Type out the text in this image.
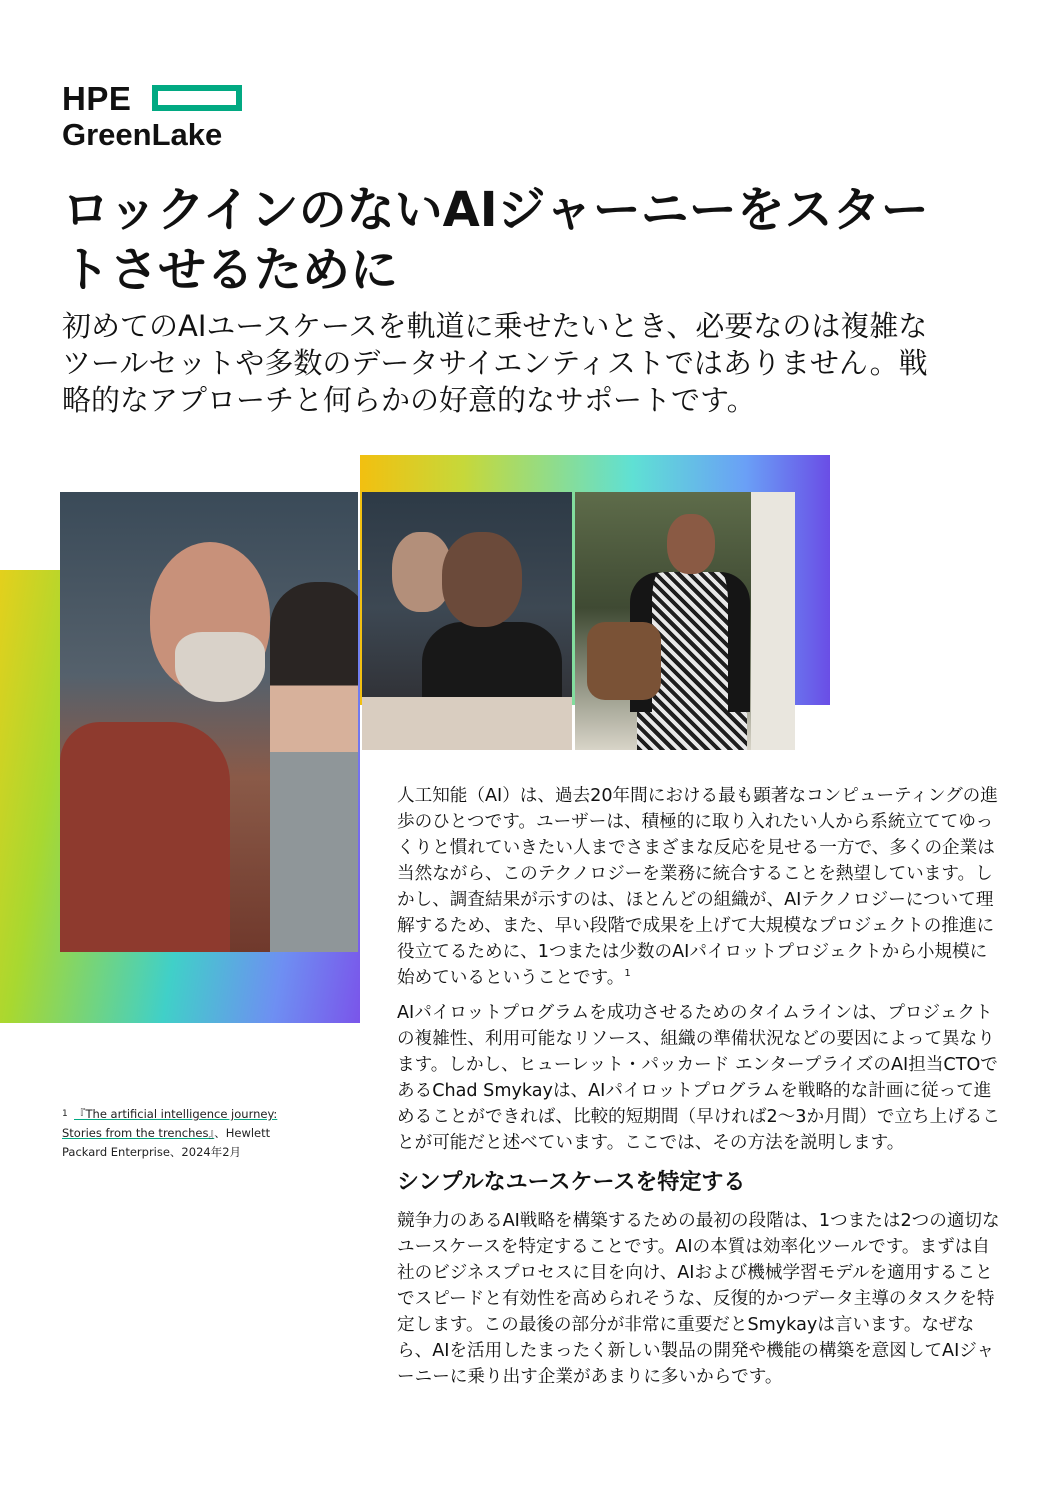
HPE
GreenLake
ロックインのないAIジャーニーをスタートさせるために

初めてのAIユースケースを軌道に乗せたいとき、必要なのは複雑なツールセットや多数のデータサイエンティストではありません。戦略的なアプローチと何らかの好意的なサポートです。

人工知能（AI）は、過去20年間における最も顕著なコンピューティングの進歩のひとつです。ユーザーは、積極的に取り入れたい人から系統立ててゆっくりと慣れていきたい人までさまざまな反応を見せる一方で、多くの企業は当然ながら、このテクノロジーを業務に統合することを熱望しています。しかし、調査結果が示すのは、ほとんどの組織が、AIテクノロジーについて理解するため、また、早い段階で成果を上げて大規模なプロジェクトの推進に役立てるために、1つまたは少数のAIパイロットプロジェクトから小規模に始めているということです。$^1$

AIパイロットプログラムを成功させるためのタイムラインは、プロジェクトの複雑性、利用可能なリソース、組織の準備状況などの要因によって異なります。しかし、ヒューレット・パッカード エンタープライズのAI担当CTOであるChad Smykayは、AIパイロットプログラムを戦略的な計画に従って進めることができれば、比較的短期間（早ければ2～3か月間）で立ち上げることが可能だと述べています。ここでは、その方法を説明します。

シンプルなユースケースを特定する

競争力のあるAI戦略を構築するための最初の段階は、1つまたは2つの適切なユースケースを特定することです。AIの本質は効率化ツールです。まずは自社のビジネスプロセスに目を向け、AIおよび機械学習モデルを適用することでスピードと有効性を高められそうな、反復的かつデータ主導のタスクを特定します。この最後の部分が非常に重要だとSmykayは言います。なぜなら、AIを活用したまったく新しい製品の開発や機能の構築を意図してAIジャーニーに乗り出す企業があまりに多いからです。

1 『The artificial intelligence journey: Stories from the trenches』、Hewlett Packard Enterprise、2024年2月
